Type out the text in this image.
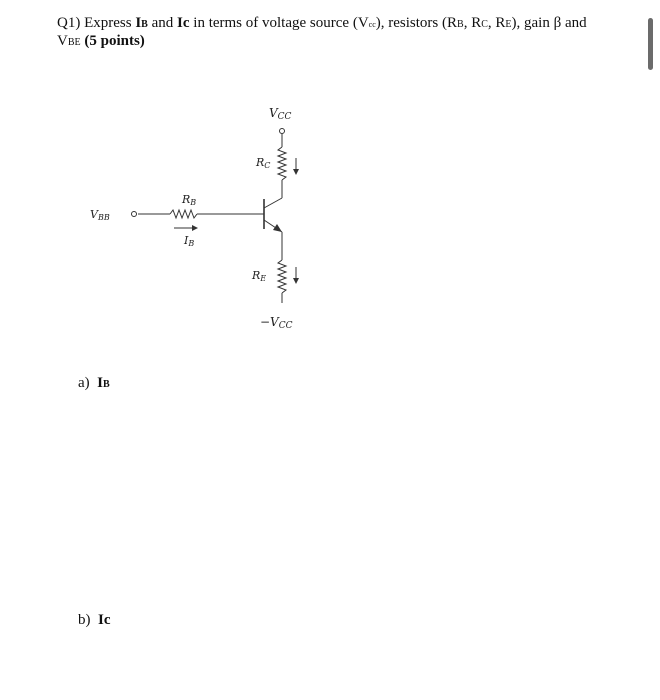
Q1) Express IB and Ic in terms of voltage source (Vcc), resistors (RB, RC, RE), gain β and
VBE (5 points)
VCC
RC
RB
VBB
IB
RE
−VCC
a) IB
b) Ic
